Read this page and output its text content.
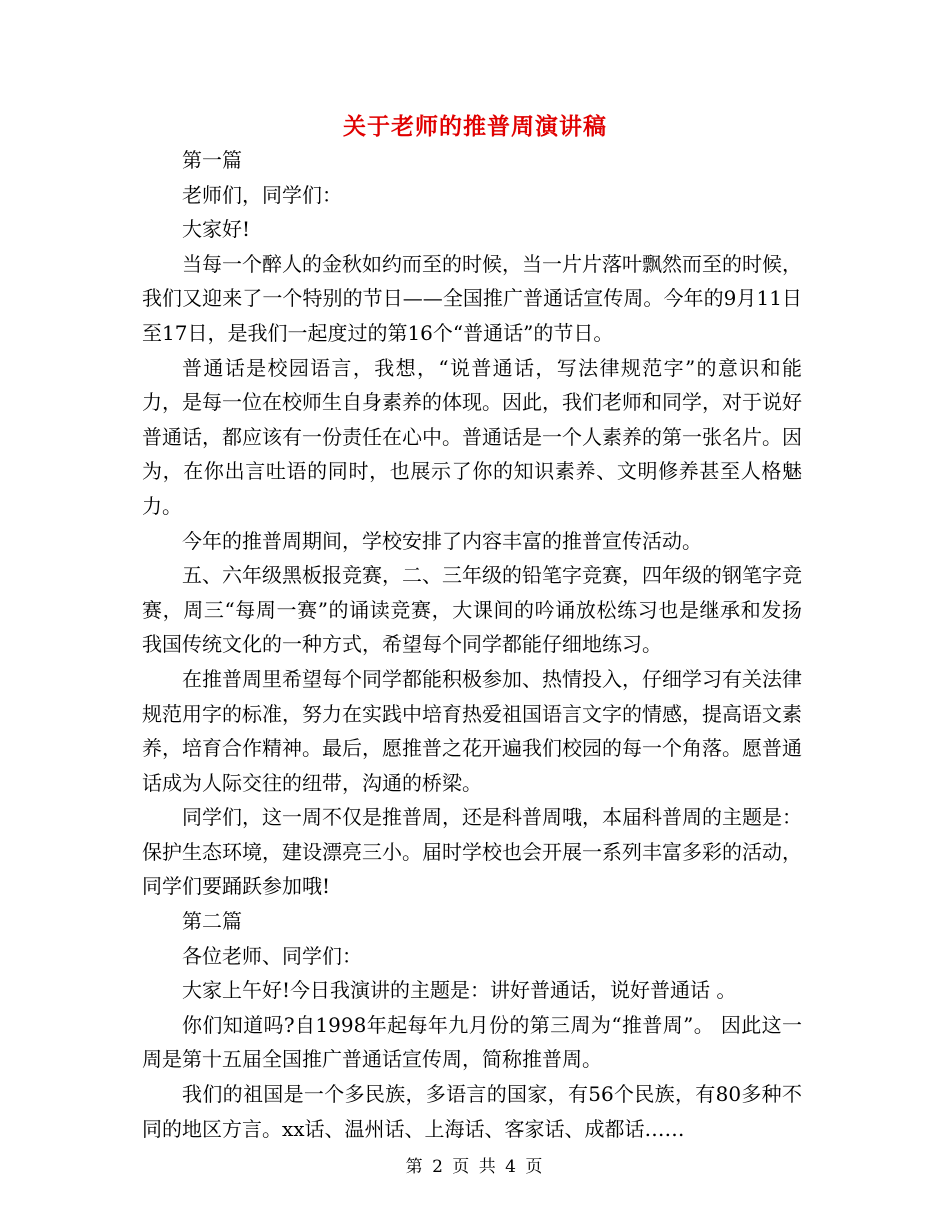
关于老师的推普周演讲稿

第一篇

老师们，同学们：

大家好!

当每一个醉人的金秋如约而至的时候，当一片片落叶飘然而至的时候，我们又迎来了一个特别的节日——全国推广普通话宣传周。今年的9月11日至17日，是我们一起度过的第16个“普通话”的节日。

普通话是校园语言，我想，“说普通话，写法律规范字”的意识和能力，是每一位在校师生自身素养的体现。因此，我们老师和同学，对于说好普通话，都应该有一份责任在心中。普通话是一个人素养的第一张名片。因为，在你出言吐语的同时，也展示了你的知识素养、文明修养甚至人格魅力。

今年的推普周期间，学校安排了内容丰富的推普宣传活动。

五、六年级黑板报竞赛，二、三年级的铅笔字竞赛，四年级的钢笔字竞赛，周三“每周一赛”的诵读竞赛，大课间的吟诵放松练习也是继承和发扬我国传统文化的一种方式，希望每个同学都能仔细地练习。

在推普周里希望每个同学都能积极参加、热情投入，仔细学习有关法律规范用字的标准，努力在实践中培育热爱祖国语言文字的情感，提高语文素养，培育合作精神。最后，愿推普之花开遍我们校园的每一个角落。愿普通话成为人际交往的纽带，沟通的桥梁。

同学们，这一周不仅是推普周，还是科普周哦，本届科普周的主题是：保护生态环境，建设漂亮三小。届时学校也会开展一系列丰富多彩的活动，同学们要踊跃参加哦!

第二篇

各位老师、同学们：

大家上午好!今日我演讲的主题是：讲好普通话，说好普通话 。

你们知道吗?自1998年起每年九月份的第三周为“推普周”。 因此这一周是第十五届全国推广普通话宣传周，简称推普周。

我们的祖国是一个多民族，多语言的国家，有56个民族，有80多种不同的地区方言。xx话、温州话、上海话、客家话、成都话……

第 2 页 共 4 页
